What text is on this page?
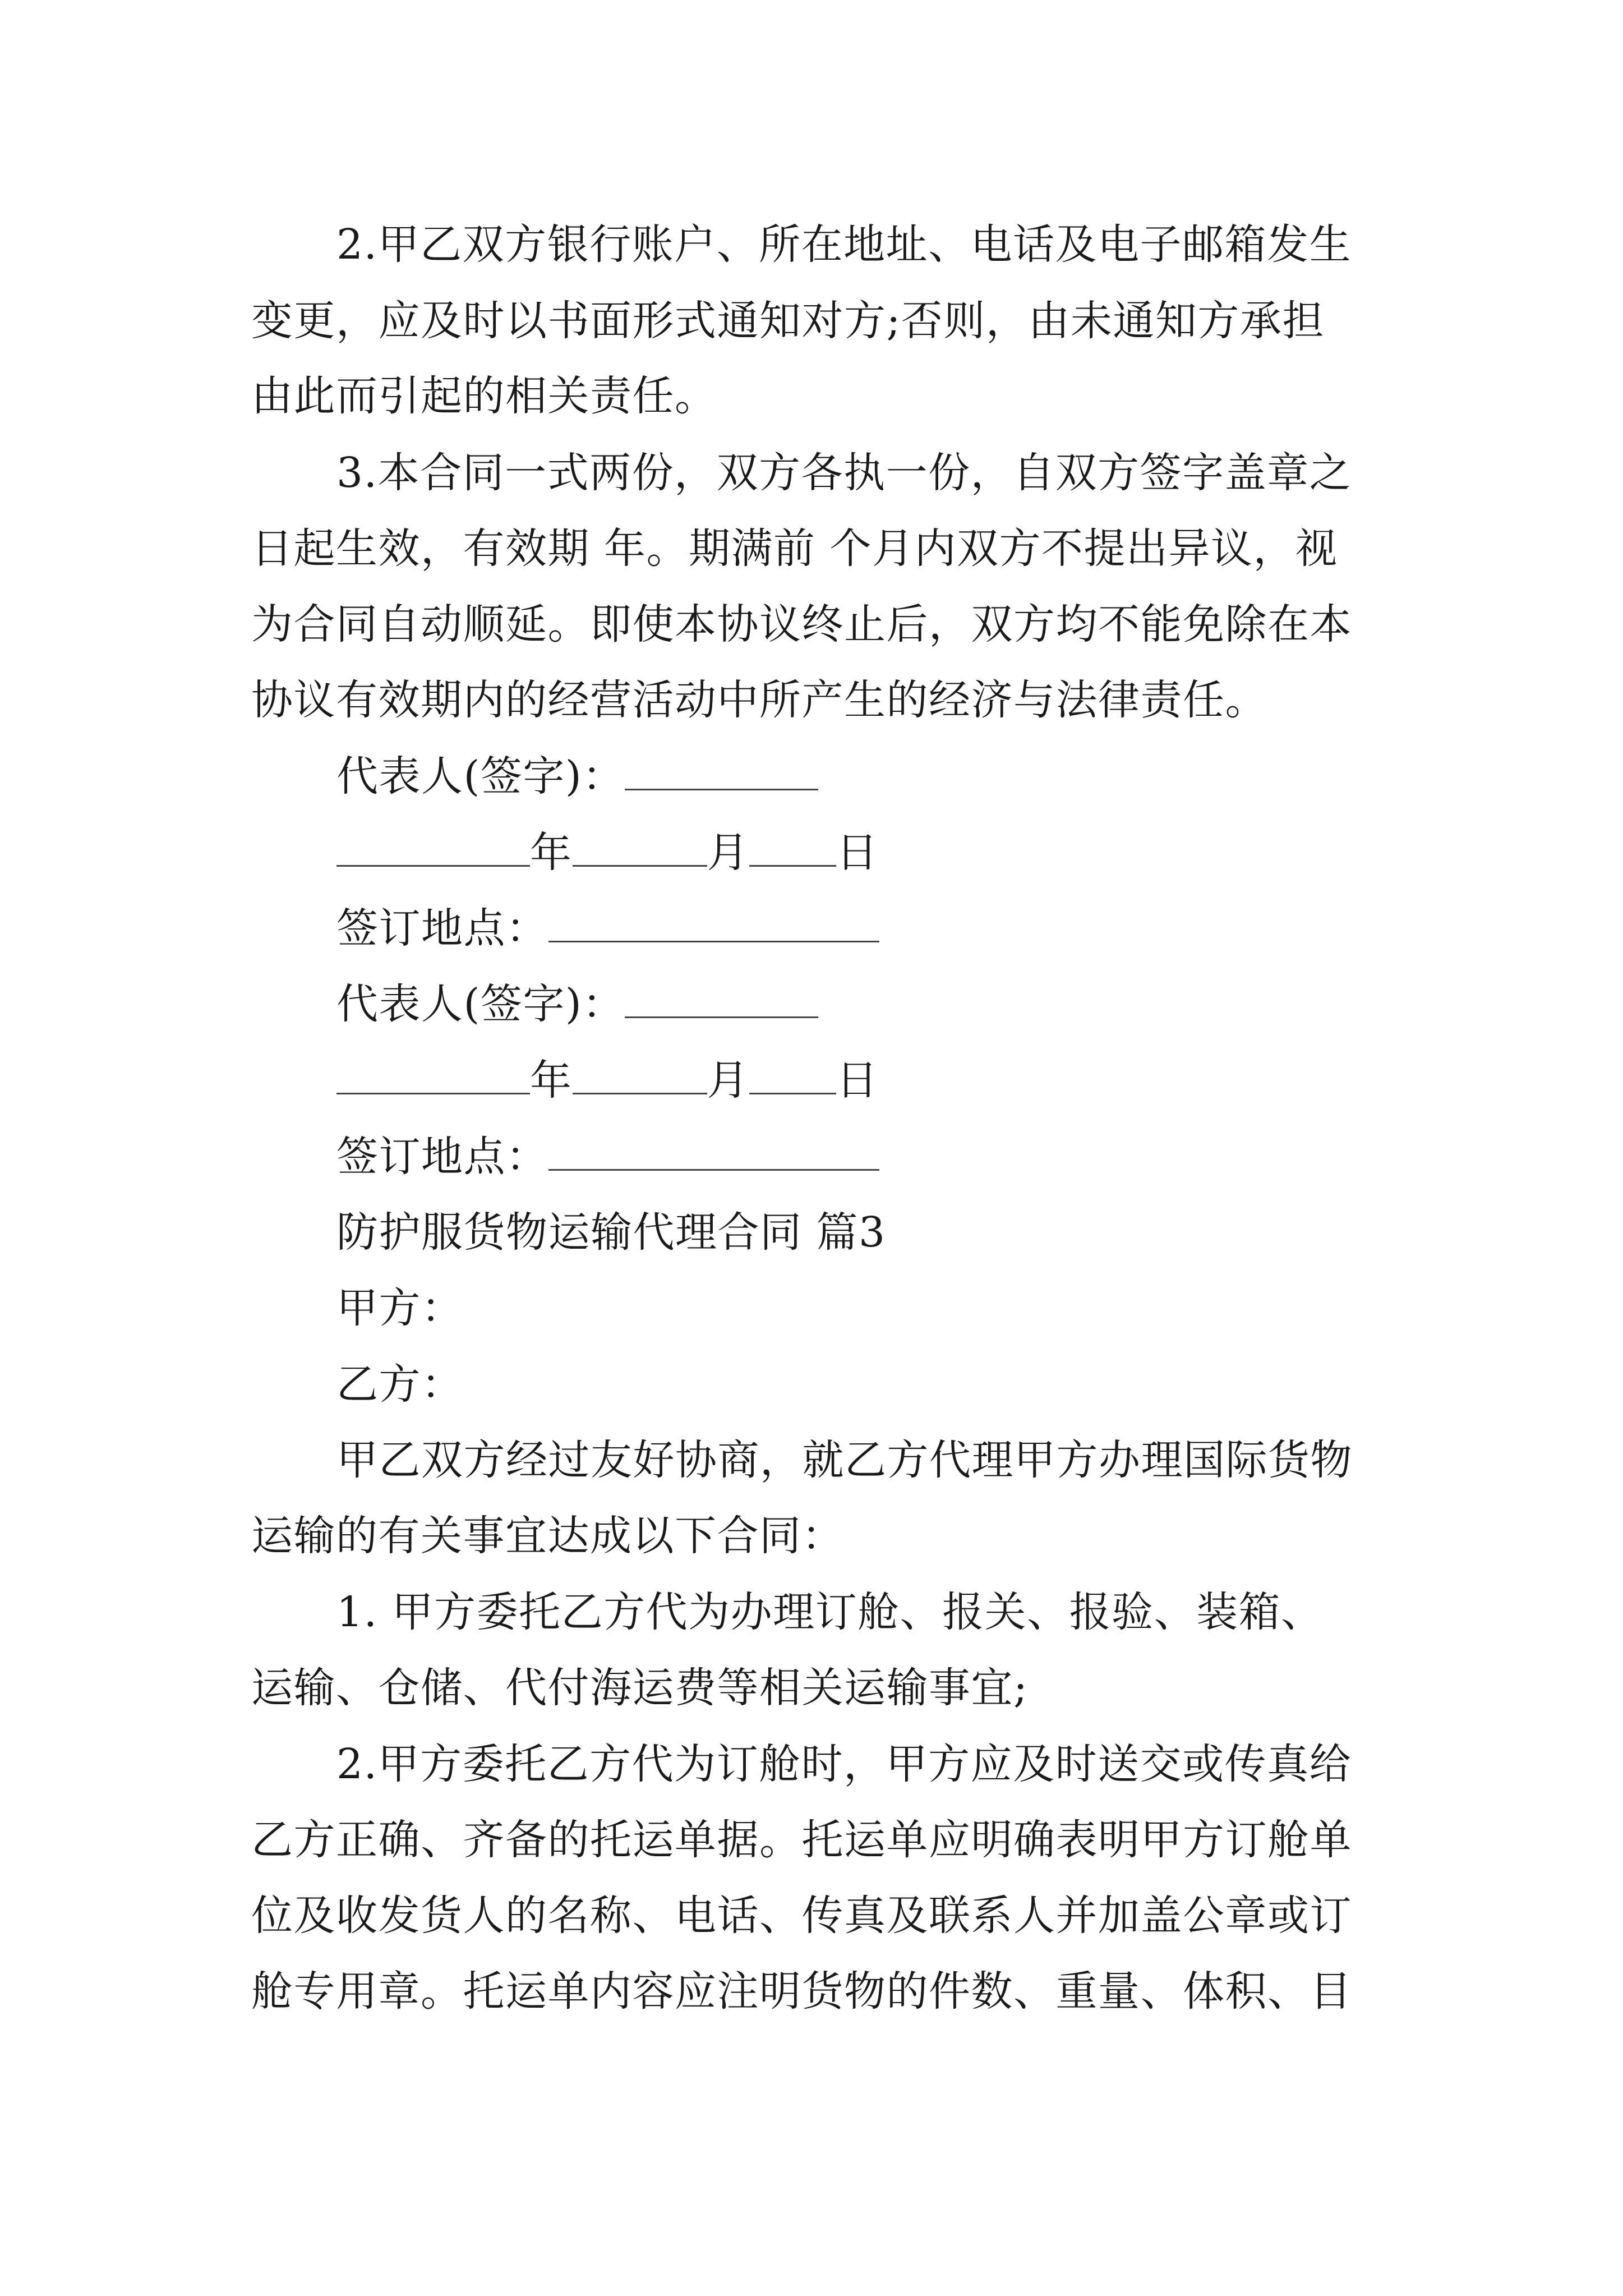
2.甲乙双方银行账户、所在地址、电话及电子邮箱发生
变更，应及时以书面形式通知对方;否则，由未通知方承担
由此而引起的相关责任。
3.本合同一式两份，双方各执一份，自双方签字盖章之
日起生效，有效期 年。期满前 个月内双方不提出异议，视
为合同自动顺延。即使本协议终止后，双方均不能免除在本
协议有效期内的经营活动中所产生的经济与法律责任。
代表人(签字)：
年	月 日
签订地点：
代表人(签字)：
年	月 日
签订地点：
防护服货物运输代理合同 篇3
甲方：
乙方：
甲乙双方经过友好协商，就乙方代理甲方办理国际货物
运输的有关事宜达成以下合同：
1. 甲方委托乙方代为办理订舱、报关、报验、装箱、
运输、仓储、代付海运费等相关运输事宜;
2.甲方委托乙方代为订舱时，甲方应及时送交或传真给
乙方正确、齐备的托运单据。托运单应明确表明甲方订舱单
位及收发货人的名称、电话、传真及联系人并加盖公章或订
舱专用章。托运单内容应注明货物的件数、重量、体积、目
